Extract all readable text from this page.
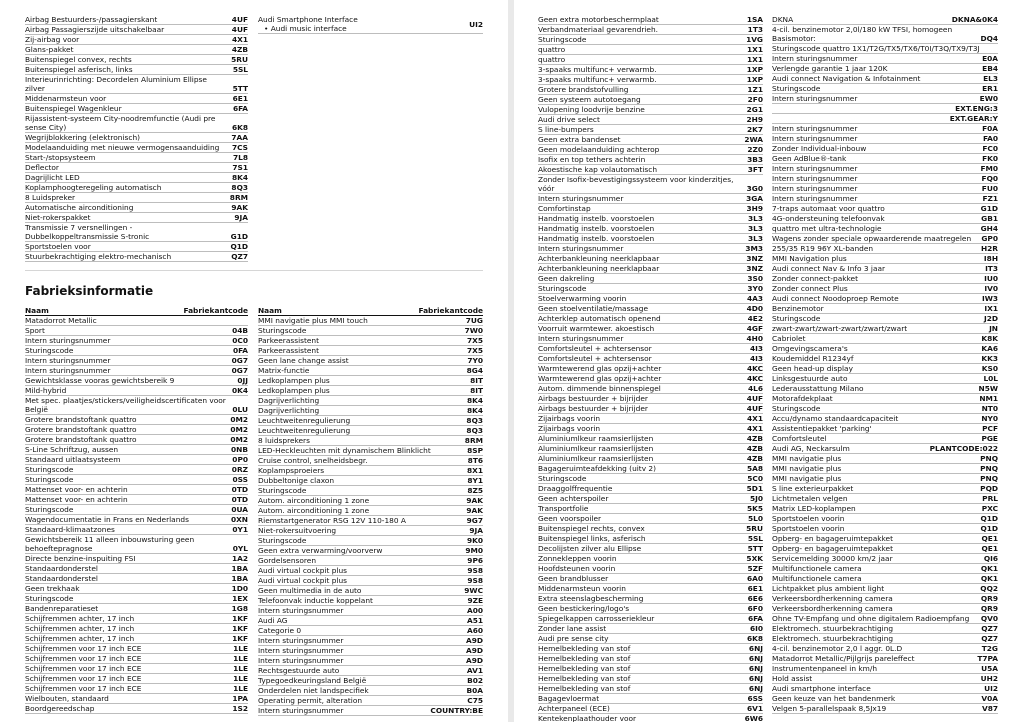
Airbag Bestuurders-/passagierskant	4UF
Airbag Passagierszijde uitschakelbaar	4UF
Zij-airbag voor	4X1
Glans-pakket	4ZB
Buitenspiegel convex, rechts	5RU
Buitenspiegel asferisch, links	5SL
Interieurinrichting: Decordelen Aluminium Ellipse zilver	5TT
Middenarmsteun voor	6E1
Buitenspiegel Wagenkleur	6FA
Rijassistent-systeem City-noodremfunctie (Audi pre sense City)	6K8
Wegrijblokkering (elektronisch)	7AA
Modelaanduiding met nieuwe vermogensaanduiding	7CS
Start-/stopsysteem	7L8
Deflector	7S1
Dagrijlicht LED	8K4
Koplamphoogteregeling automatisch	8Q3
8 Luidspreker	8RM
Automatische airconditioning	9AK
Niet-rokerspakket	9JA
Transmissie 7 versnellingen - Dubbelkoppeltransmissie S-tronic	G1D
Sportstoelen voor	Q1D
Stuurbekrachtiging elektro-mechanisch	QZ7
Audi Smartphone Interface
• Audi music interface	UI2
Fabrieksinformatie
Naam	Fabriekantcode
Matadorrot Metallic
Sport	04B
Intern sturingsnummer	0C0
Sturingscode	0FA
Intern sturingsnummer	0G7
Intern sturingsnummer	0G7
Gewichtsklasse vooras gewichtsbereik 9	0JJ
Mild-hybrid	0K4
Met spec. plaatjes/stickers/veiligheidscertificaten voor België	0LU
Grotere brandstoftank quattro	0M2
Grotere brandstoftank quattro	0M2
Grotere brandstoftank quattro	0M2
S-Line Schriftzug, aussen	0NB
Standaard uitlaatsysteem	0P0
Sturingscode	0RZ
Sturingscode	0SS
Mattenset voor- en achterin	0TD
Mattenset voor- en achterin	0TD
Sturingscode	0UA
Wagendocumentatie in Frans en Nederlands	0XN
Standaard-klimaatzones	0Y1
Gewichtsbereik 11 alleen inbouwsturing geen behoeftepragnose	0YL
Directe benzine-inspuiting FSI	1A2
Standaardonderstel	1BA
Standaardonderstel	1BA
Geen trekhaak	1D0
Sturingscode	1EX
Bandenreparatieset	1G8
Schijfremmen achter, 17 inch	1KF
Schijfremmen achter, 17 inch	1KF
Schijfremmen achter, 17 inch	1KF
Schijfremmen voor 17 inch ECE	1LE
Schijfremmen voor 17 inch ECE	1LE
Schijfremmen voor 17 inch ECE	1LE
Schijfremmen voor 17 inch ECE	1LE
Schijfremmen voor 17 inch ECE	1LE
Wielbouten, standaard	1PA
Boordgereedschap	1S2
Naam	Fabriekantcode
MMI navigatie plus MMI touch	7UG
Sturingscode	7W0
Parkeerassistent	7X5
Parkeerassistent	7X5
Geen lane change assist	7Y0
Matrix-functie	8G4
Ledkoplampen plus	8IT
Ledkoplampen plus	8IT
Dagrijverlichting	8K4
Dagrijverlichting	8K4
Leuchtweitenregulierung	8Q3
Leuchtweitenregulierung	8Q3
8 luidsprekers	8RM
LED-Heckleuchten mit dynamischem Blinklicht	8SP
Cruise control, snelheidsbegr.	8T6
Koplampsproeiers	8X1
Dubbeltonige claxon	8Y1
Sturingscode	8Z5
Autom. airconditioning 1 zone	9AK
Autom. airconditioning 1 zone	9AK
Riemstartgenerator RSG 12V 110-180 A	9G7
Niet-rokersuitvoering	9JA
Sturingscode	9K0
Geen extra verwarming/voorverw	9M0
Gordelsensoren	9P6
Audi virtual cockpit plus	9S8
Audi virtual cockpit plus	9S8
Geen multimedia in de auto	9WC
Telefoonvak inductie koppelant	9ZE
Intern sturingsnummer	A00
Audi AG	A51
Categorie 0	A60
Intern sturingsnummer	A9D
Intern sturingsnummer	A9D
Intern sturingsnummer	A9D
Rechtsgestuurde auto	AV1
Typegoedkeuringsland België	B02
Onderdelen niet landspecifiek	B0A
Operating permit, alteration	C75
Intern sturingsnummer	COUNTRY:BE
Geen extra motorbeschermplaat	1SA
Verbandmateriaal gevarendrieh.	1T3
Sturingscode	1VG
quattro	1X1
quattro	1X1
3-spaaks multifunc+ verwarmb.	1XP
3-spaaks multifunc+ verwarmb.	1XP
Grotere brandstofvulling	1Z1
Geen systeem autotoegang	2F0
Vulopening loodvrije benzine	2G1
Audi drive select	2H9
S line-bumpers	2K7
Geen extra bandenset	2WA
Geen modelaanduiding achterop	2Z0
Isofix en top tethers achterin	3B3
Akoestische kap volautomatisch	3FT
Zonder Isofix-bevestigingssysteem voor kinderzitjes, vóór	3G0
Intern sturingsnummer	3GA
Comfortinstap	3H9
Handmatig instelb. voorstoelen	3L3
Handmatig instelb. voorstoelen	3L3
Handmatig instelb. voorstoelen	3L3
Intern sturingsnummer	3M3
Achterbankleuning neerklapbaar	3NZ
Achterbankleuning neerklapbaar	3NZ
Geen dakreling	3S0
Sturingscode	3Y0
Stoelverwarming voorin	4A3
Geen stoelventilatie/massage	4D0
Achterklep automatisch openend	4E2
Voorruit warmtewer. akoestisch	4GF
Intern sturingsnummer	4H0
Comfortsleutel + achtersensor	4I3
Comfortsleutel + achtersensor	4I3
Warmtewerend glas opzij+achter	4KC
Warmtewerend glas opzij+achter	4KC
Autom. dimmende binnenspiegel	4L6
Airbags bestuurder + bijrijder	4UF
Airbags bestuurder + bijrijder	4UF
Zijairbags voorin	4X1
Zijairbags voorin	4X1
Aluminiumlkeur raamsierlijsten	4ZB
Aluminiumlkeur raamsierlijsten	4ZB
Aluminiumlkeur raamsierlijsten	4ZB
Bagageruimteafdekking (uitv 2)	5A8
Sturingscode	5C0
Draaggolffrequentie	5D1
Geen achterspoiler	5J0
Transportfolie	5K5
Geen voorspoiler	5L0
Buitenspiegel rechts, convex	5RU
Buitenspiegel links, asferisch	5SL
Decolijsten zilver alu Ellipse	5TT
Zonnekleppen voorin	5XK
Hoofdsteunen voorin	5ZF
Geen brandblusser	6A0
Middenarmsteun voorin	6E1
Extra steenslagbescherming	6E6
Geen bestickering/logo's	6F0
Spiegelkappen carrosseriekleur	6FA
Zonder lane assist	6I0
Audi pre sense city	6K8
Hemelbekleding van stof	6NJ
Hemelbekleding van stof	6NJ
Hemelbekleding van stof	6NJ
Hemelbekleding van stof	6NJ
Hemelbekleding van stof	6NJ
Bagagevloermat	6SS
Achterpaneel (ECE)	6V1
Kentekenplaathouder voor	6W6
DKNA	DKNA&0K4
4-cil. benzinemotor 2,0l/180 kW TFSI, homogeen Basismotor:	DQ4
Sturingscode quattro 1X1/T2G/TX5/TX6/T0I/T3Q/TX9/T3J
Intern sturingsnummer	E0A
Verlengde garantie 1 jaar 120K	EB4
Audi connect Navigation & Infotainment	EL3
Sturingscode	ER1
Intern sturingsnummer	EW0
EXT.ENG:3
EXT.GEAR:Y
Intern sturingsnummer	F0A
Intern sturingsnummer	FA0
Zonder Individual-inbouw	FC0
Geen AdBlue®-tank	FK0
Intern sturingsnummer	FM0
Intern sturingsnummer	FQ0
Intern sturingsnummer	FU0
Intern sturingsnummer	FZ1
7-traps automaat voor quattro	G1D
4G-ondersteuning telefoonvak	GB1
quattro met ultra-technologie	GH4
Wagens zonder speciale opwaarderende maatregelen	GP0
255/35 R19 96Y XL-banden	H2R
MMI Navigation plus	I8H
Audi connect Nav & Info 3 jaar	IT3
Zonder connect-pakket	IU0
Zonder connect Plus	IV0
Audi connect Noodoproep Remote	IW3
Benzinemotor	IX1
Sturingscode	J2D
zwart-zwart/zwart-zwart/zwart/zwart	JN
Cabriolet	K8K
Omgevingscamera's	KA6
Koudemiddel R1234yf	KK3
Geen head-up display	KS0
Linksgestuurde auto	L0L
Lederausstattung Milano	N5W
Motorafdekplaat	NM1
Sturingscode	NT0
Accu/dynamo standaardcapaciteit	NY0
Assistentiepakket 'parking'	PCF
Comfortsleutel	PGE
Audi AG, Neckarsulm	PLANTCODE:022
MMI navigatie plus	PNQ
MMI navigatie plus	PNQ
MMI navigatie plus	PNQ
S line exterieurpakket	PQD
Lichtmetalen velgen	PRL
Matrix LED-koplampen	PXC
Sportstoelen voorin	Q1D
Sportstoelen voorin	Q1D
Opberg- en bagageruimtepakket	QE1
Opberg- en bagageruimtepakket	QE1
Servicemelding 30000 km/2 jaar	QI6
Multifunctionele camera	QK1
Multifunctionele camera	QK1
Lichtpakket plus ambient light	QQ2
Verkeersbordherkenning camera	QR9
Verkeersbordherkenning camera	QR9
Ohne TV-Empfang und ohne digitalem Radioempfang	QV0
Elektromech. stuurbekrachtiging	QZ7
Elektromech. stuurbekrachtiging	QZ7
4-cil. benzinemotor 2,0 l aggr. 0L.D	T2G
Matadorrot Metallic/Pijlgrijs pareleffect	T7PA
Instrumentenpaneel in km/h	U5A
Hold assist	UH2
Audi smartphone interface	UI2
Geen keuze van het bandenmerk	V0A
Velgen 5-parallelspaak 8,5Jx19	V87
